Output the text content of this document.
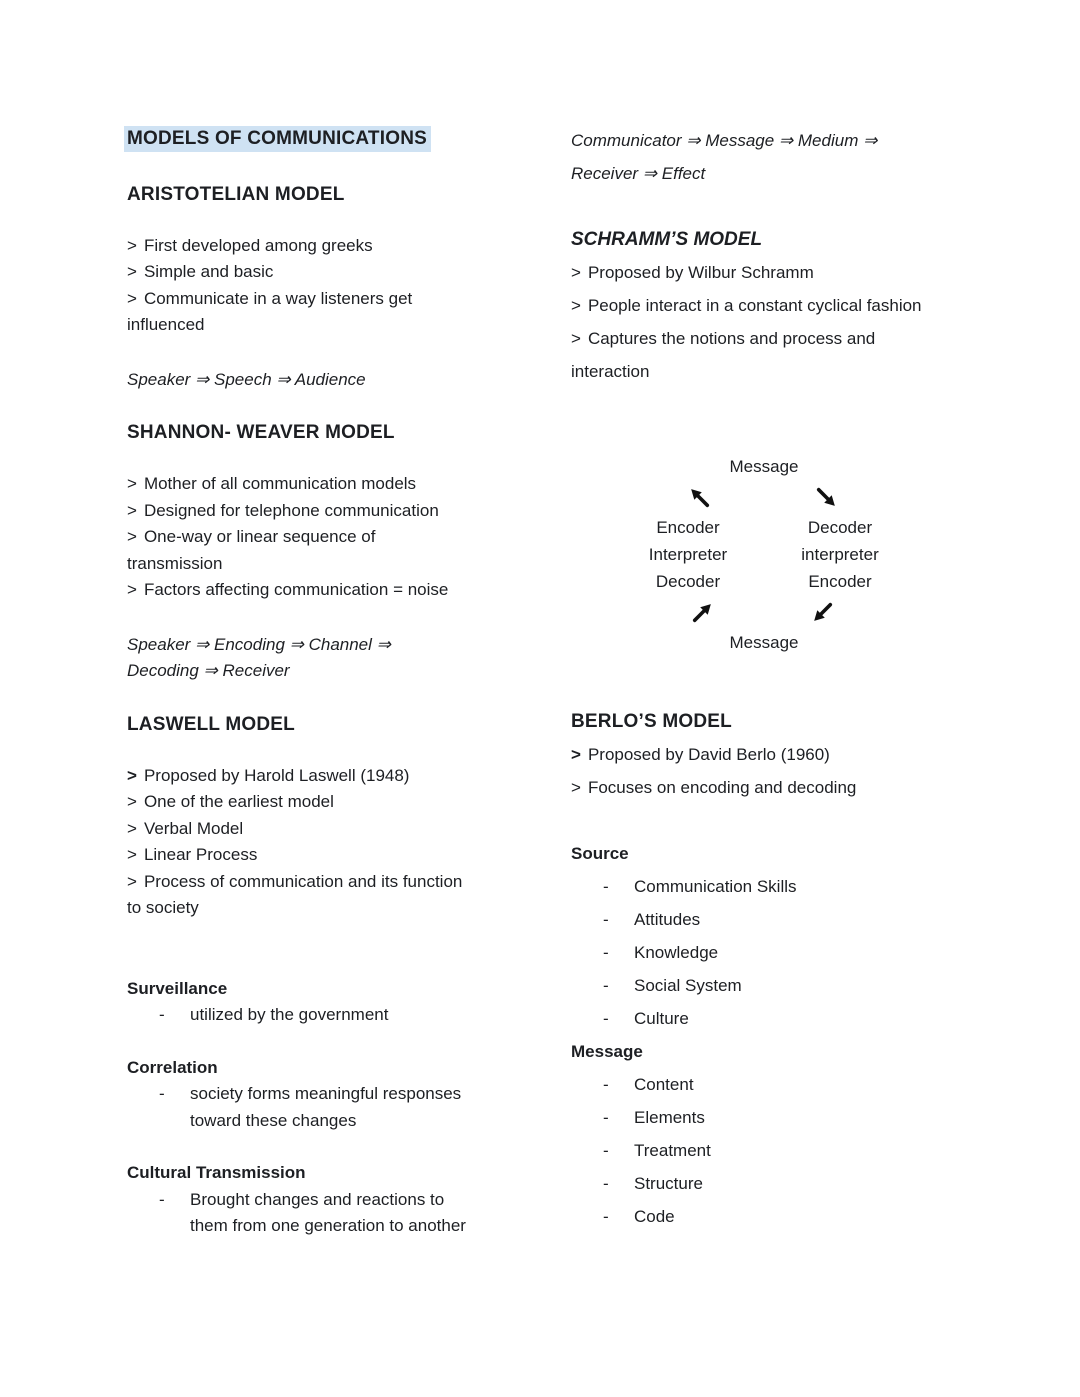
MODELS OF COMMUNICATIONS
ARISTOTELIAN MODEL
> First developed among greeks
> Simple and basic
> Communicate in a way listeners get influenced
Speaker ⇒ Speech ⇒ Audience
SHANNON- WEAVER MODEL
> Mother of all communication models
> Designed for telephone communication
> One-way or linear sequence of transmission
> Factors affecting communication = noise
Speaker ⇒ Encoding ⇒ Channel ⇒ Decoding ⇒ Receiver
LASWELL MODEL
> Proposed by Harold Laswell (1948)
> One of the earliest model
> Verbal Model
> Linear Process
> Process of communication and its function to society
Surveillance
-	utilized by the government
Correlation
-	society forms meaningful responses toward these changes
Cultural Transmission
-	Brought changes and reactions to them from one generation to another
Communicator ⇒ Message ⇒ Medium ⇒ Receiver ⇒ Effect
SCHRAMM’S MODEL
> Proposed by Wilbur Schramm
> People interact in a constant cyclical fashion
> Captures the notions and process and interaction
Message
Encoder
Interpreter
Decoder
Decoder
interpreter
Encoder
Message
BERLO’S MODEL
> Proposed by David Berlo (1960)
> Focuses on encoding and decoding
Source
-	Communication Skills
-	Attitudes
-	Knowledge
-	Social System
-	Culture
Message
-	Content
-	Elements
-	Treatment
-	Structure
-	Code
